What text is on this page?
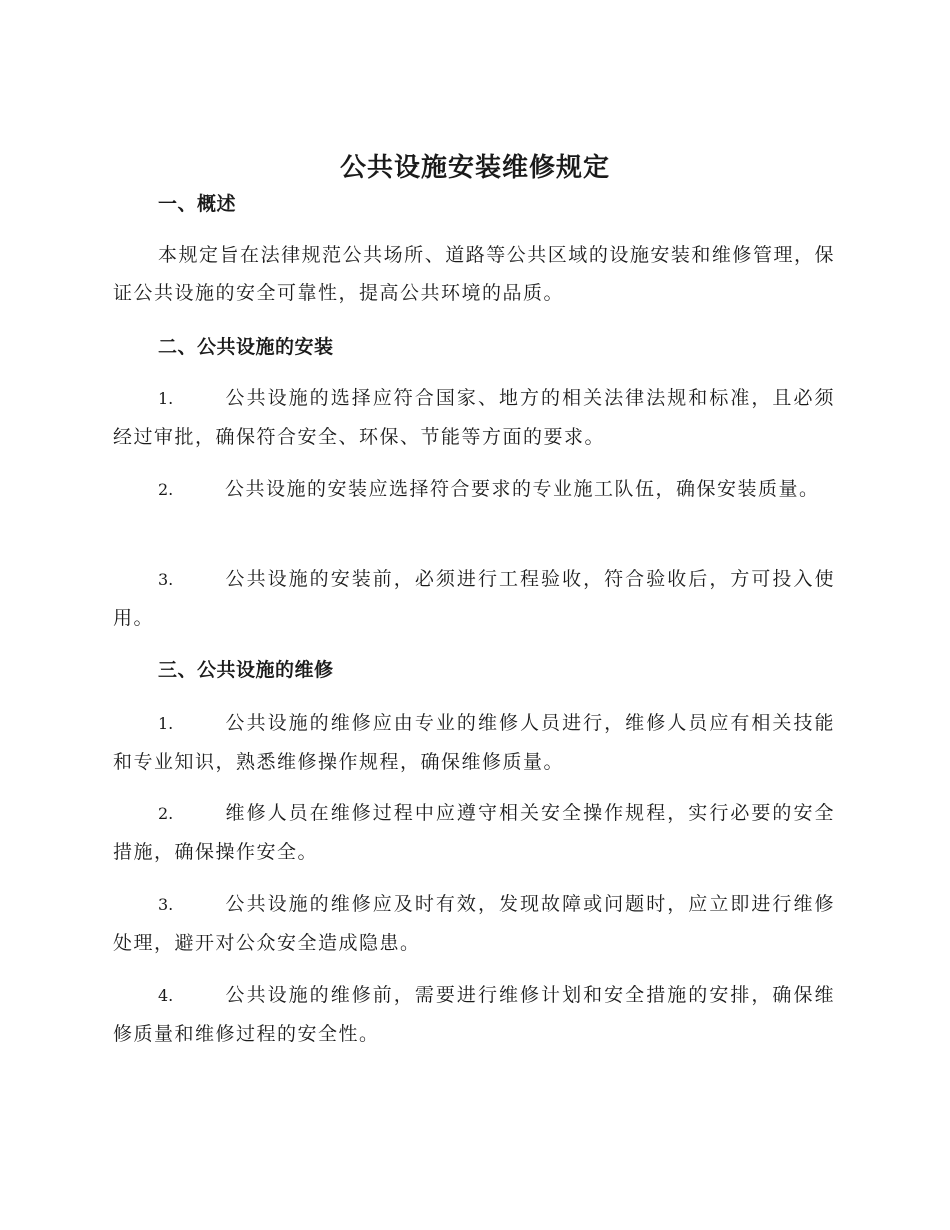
公共设施安装维修规定
一、概述
本规定旨在法律规范公共场所、道路等公共区域的设施安装和维修管理，保证公共设施的安全可靠性，提高公共环境的品质。
二、公共设施的安装
1.	公共设施的选择应符合国家、地方的相关法律法规和标准，且必须经过审批，确保符合安全、环保、节能等方面的要求。
2.	公共设施的安装应选择符合要求的专业施工队伍，确保安装质量。
3.	公共设施的安装前，必须进行工程验收，符合验收后，方可投入使用。
三、公共设施的维修
1.	公共设施的维修应由专业的维修人员进行，维修人员应有相关技能和专业知识，熟悉维修操作规程，确保维修质量。
2.	维修人员在维修过程中应遵守相关安全操作规程，实行必要的安全措施，确保操作安全。
3.	公共设施的维修应及时有效，发现故障或问题时，应立即进行维修处理，避开对公众安全造成隐患。
4.	公共设施的维修前，需要进行维修计划和安全措施的安排，确保维修质量和维修过程的安全性。
